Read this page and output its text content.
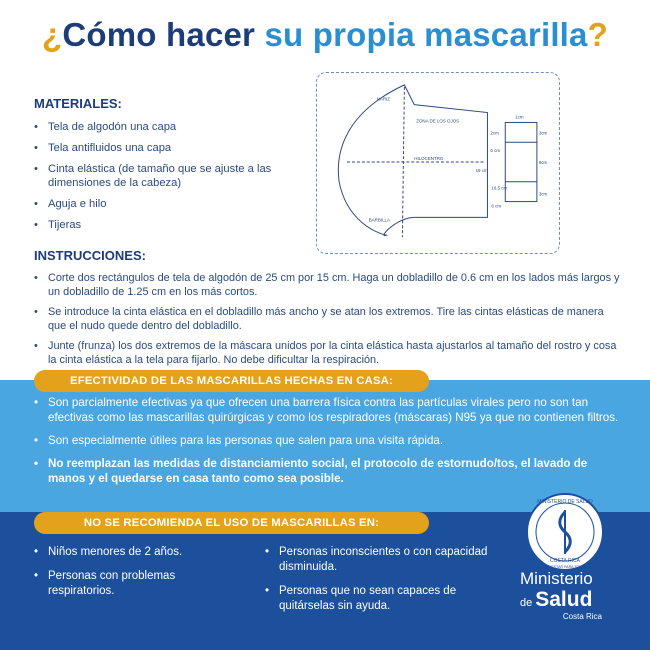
¿Cómo hacer su propia mascarilla?
MATERIALES:
• Tela de algodón una capa
• Tela antifluidos una capa
• Cinta elástica (de tamaño que se ajuste a las dimensiones de la cabeza)
• Aguja e hilo
• Tijeras
NARIZ
ZONA DE LOS OJOS
HILOCENTRO
BARBILLA
2cm
6 cm
19 cm
16,5 cm
6 cm
1cm
3cm
9cm
3cm
INSTRUCCIONES:
• Corte dos rectángulos de tela de algodón de 25 cm por 15 cm. Haga un dobladillo de 0.6 cm en los lados más largos y un dobladillo de 1.25 cm en los más cortos.
• Se introduce la cinta elástica en el dobladillo más ancho y se atan los extremos. Tire las cintas elásticas de manera que el nudo quede dentro del dobladillo.
• Junte (frunza) los dos extremos de la máscara unidos por la cinta elástica hasta ajustarlos al tamaño del rostro y cosa la cinta elástica a la tela para fijarlo. No debe dificultar la respiración.
EFECTIVIDAD DE LAS MASCARILLAS HECHAS EN CASA:
• Son parcialmente efectivas ya que ofrecen una barrera física contra las partículas virales pero no son tan efectivas como las mascarillas quirúrgicas y como los respiradores (máscaras) N95 ya que no contienen filtros.
• Son especialmente útiles para las personas que salen para una visita rápida.
• No reemplazan las medidas de distanciamiento social, el protocolo de estornudo/tos, el lavado de manos y el quedarse en casa tanto como sea posible.
NO SE RECOMIENDA EL USO DE MASCARILLAS EN:
• Niños menores de 2 años.
• Personas con problemas respiratorios.
• Personas inconscientes o con capacidad disminuida.
• Personas que no sean capaces de quitárselas sin ayuda.
MINISTERIO DE SALUD
COSTA RICA
BIENESTAR PARA TODOS
Ministerio
de Salud
Costa Rica
